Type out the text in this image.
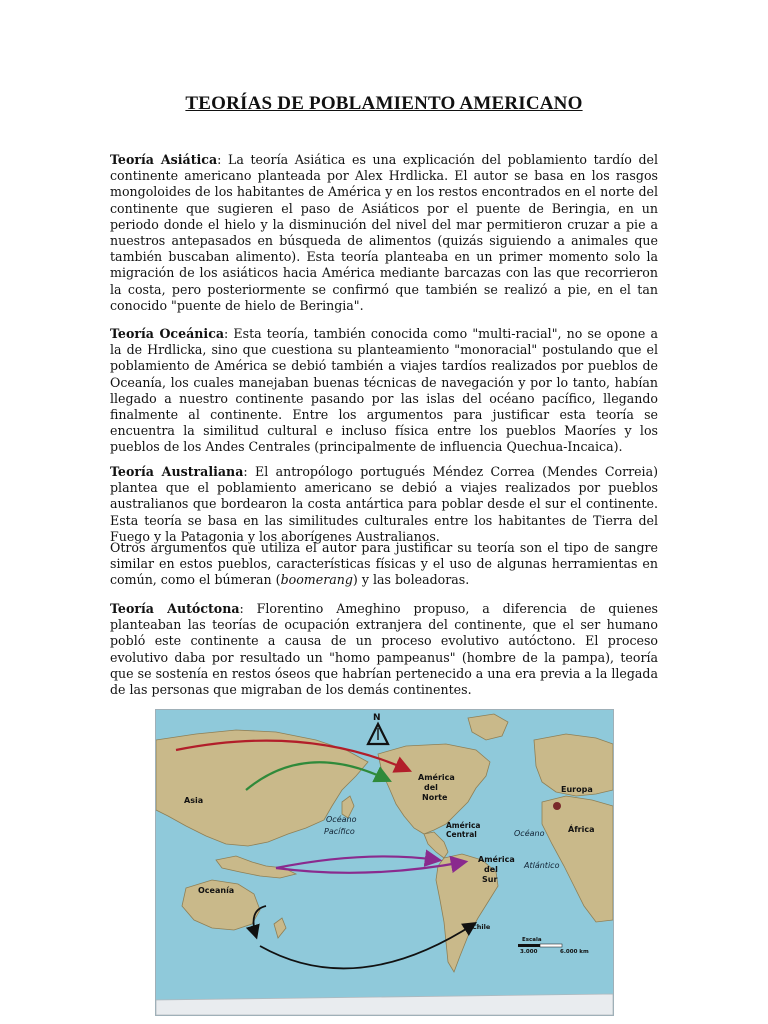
TEORÍAS DE POBLAMIENTO AMERICANO

Teoría Asiática: La teoría Asiática es una explicación del poblamiento tardío del continente americano planteada por Alex Hrdlicka. El autor se basa en los rasgos mongoloides de los habitantes de América y en los restos encontrados en el norte del continente que sugieren el paso de Asiáticos por el puente de Beringia, en un periodo donde el hielo y la disminución del nivel del mar permitieron cruzar a pie a nuestros antepasados en búsqueda de alimentos (quizás siguiendo a animales que también buscaban alimento). Esta teoría planteaba en un primer momento solo la migración de los asiáticos hacia América mediante barcazas con las que recorrieron la costa, pero posteriormente se confirmó que también se realizó a pie, en el tan conocido "puente de hielo de Beringia".

Teoría Oceánica: Esta teoría, también conocida como "multi-racial", no se opone a la de Hrdlicka, sino que cuestiona su planteamiento "monoracial" postulando que el poblamiento de América se debió también a viajes tardíos realizados por pueblos de Oceanía, los cuales manejaban buenas técnicas de navegación y por lo tanto, habían llegado a nuestro continente pasando por las islas del océano pacífico, llegando finalmente al continente. Entre los argumentos para justificar esta teoría se encuentra la similitud cultural e incluso física entre los pueblos Maoríes y los pueblos de los Andes Centrales (principalmente de influencia Quechua-Incaica).

Teoría Australiana: El antropólogo portugués Méndez Correa (Mendes Correia) plantea que el poblamiento americano se debió a viajes realizados por pueblos australianos que bordearon la costa antártica para poblar desde el sur el continente. Esta teoría se basa en las similitudes culturales entre los habitantes de Tierra del Fuego y la Patagonia y los aborígenes Australianos.

Otros argumentos que utiliza el autor para justificar su teoría son el tipo de sangre similar en estos pueblos, características físicas y el uso de algunas herramientas en común, como el búmeran (boomerang) y las boleadoras.

Teoría Autóctona: Florentino Ameghino propuso, a diferencia de quienes planteaban las teorías de ocupación extranjera del continente, que el ser humano pobló este continente a causa de un proceso evolutivo autóctono. El proceso evolutivo daba por resultado un "homo pampeanus" (hombre de la pampa), teoría que se sostenía en restos óseos que habrían pertenecido a una era previa a la llegada de las personas que migraban de los demás continentes.

N
Asia
América
del
Norte
Europa
África
Océano
Pacífico
América
Central	Océano
Atlántico
América
del
Sur
Oceanía
Chile
Escala
3.000	6.000 km
